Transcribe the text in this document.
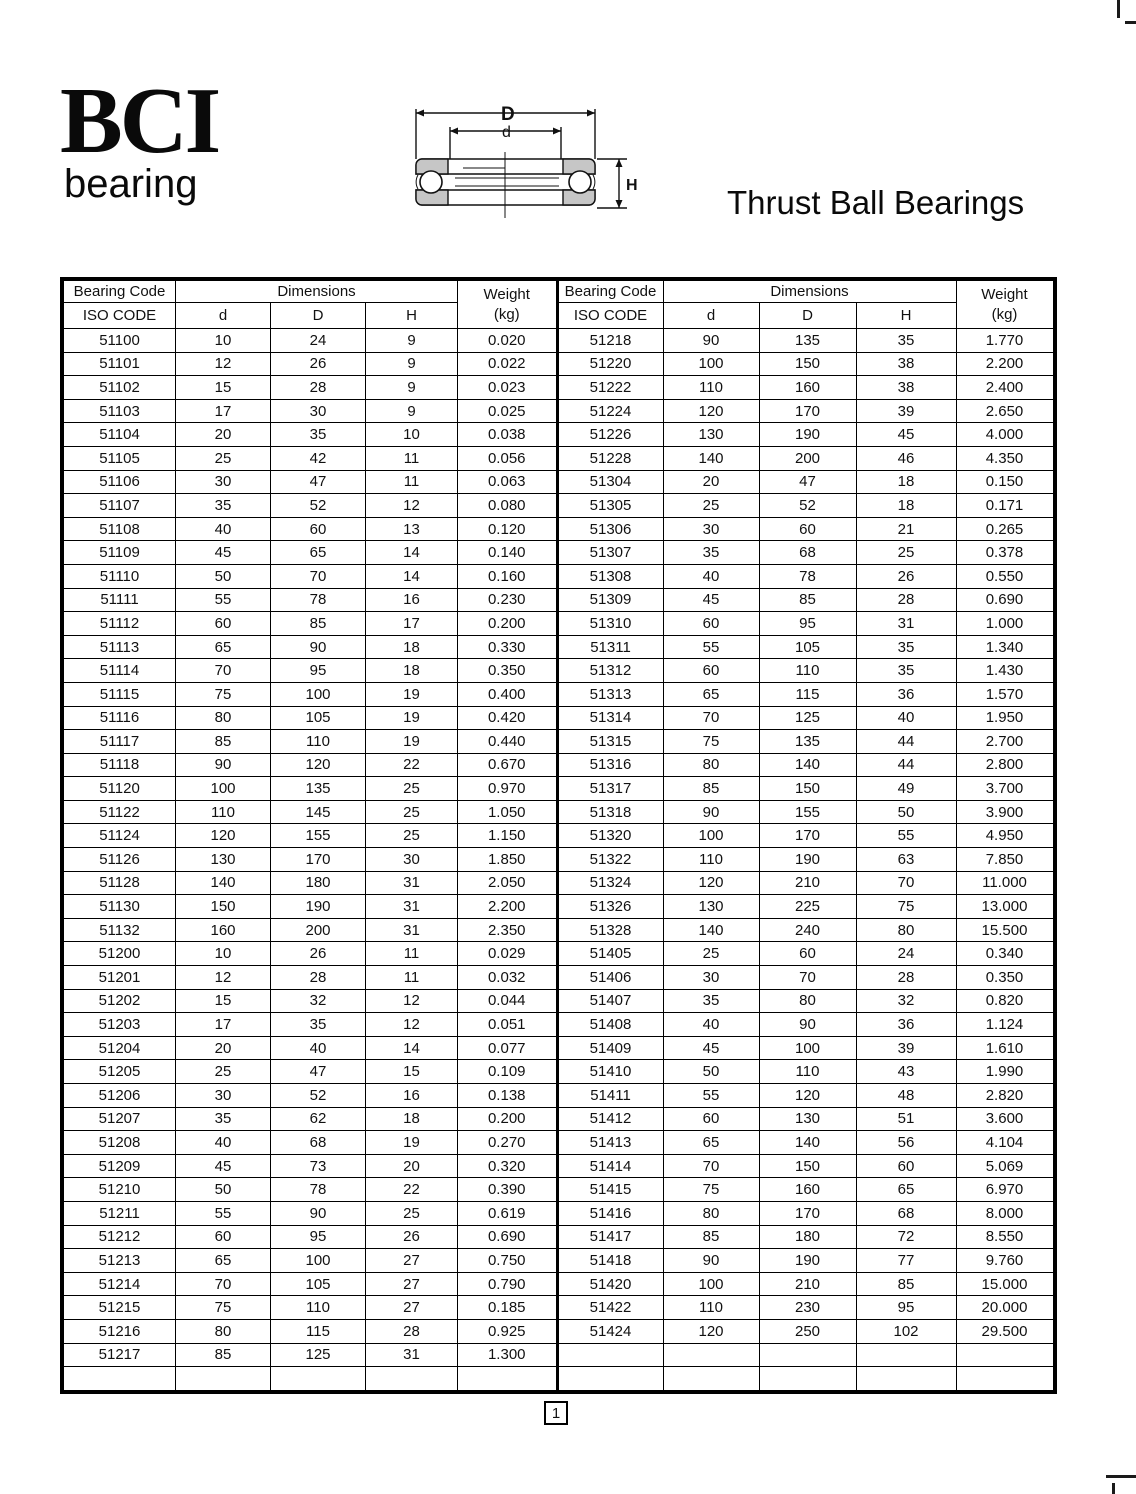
BCI
bearing
D
d
H	Thrust Ball Bearings
Bearing Code	Dimensions			Weight
(kg)

ISO CODE	d	D	H	
51100	10	24	9	0.020
51101	12	26	9	0.022
51102	15	28	9	0.023
51103	17	30	9	0.025
51104	20	35	10	0.038
51105	25	42	11	0.056
51106	30	47	11	0.063
51107	35	52	12	0.080
51108	40	60	13	0.120
51109	45	65	14	0.140
51110	50	70	14	0.160
51111	55	78	16	0.230
51112	60	85	17	0.200
51113	65	90	18	0.330
51114	70	95	18	0.350
51115	75	100	19	0.400
51116	80	105	19	0.420
51117	85	110	19	0.440
51118	90	120	22	0.670
51120	100	135	25	0.970
51122	110	145	25	1.050
51124	120	155	25	1.150
51126	130	170	30	1.850
51128	140	180	31	2.050
51130	150	190	31	2.200
51132	160	200	31	2.350
51200	10	26	11	0.029
51201	12	28	11	0.032
51202	15	32	12	0.044
51203	17	35	12	0.051
51204	20	40	14	0.077
51205	25	47	15	0.109
51206	30	52	16	0.138
51207	35	62	18	0.200
51208	40	68	19	0.270
51209	45	73	20	0.320
51210	50	78	22	0.390
51211	55	90	25	0.619
51212	60	95	26	0.690
51213	65	100	27	0.750
51214	70	105	27	0.790
51215	75	110	27	0.185
51216	80	115	28	0.925
51217	85	125	31	1.300

Bearing Code	Dimensions			Weight
(kg)

ISO CODE	d	D	H	
51218	90	135	35	1.770
51220	100	150	38	2.200
51222	110	160	38	2.400
51224	120	170	39	2.650
51226	130	190	45	4.000
51228	140	200	46	4.350
51304	20	47	18	0.150
51305	25	52	18	0.171
51306	30	60	21	0.265
51307	35	68	25	0.378
51308	40	78	26	0.550
51309	45	85	28	0.690
51310	60	95	31	1.000
51311	55	105	35	1.340
51312	60	110	35	1.430
51313	65	115	36	1.570
51314	70	125	40	1.950
51315	75	135	44	2.700
51316	80	140	44	2.800
51317	85	150	49	3.700
51318	90	155	50	3.900
51320	100	170	55	4.950
51322	110	190	63	7.850
51324	120	210	70	11.000
51326	130	225	75	13.000
51328	140	240	80	15.500
51405	25	60	24	0.340
51406	30	70	28	0.350
51407	35	80	32	0.820
51408	40	90	36	1.124
51409	45	100	39	1.610
51410	50	110	43	1.990
51411	55	120	48	2.820
51412	60	130	51	3.600
51413	65	140	56	4.104
51414	70	150	60	5.069
51415	75	160	65	6.970
51416	80	170	68	8.000
51417	85	180	72	8.550
51418	90	190	77	9.760
51420	100	210	85	15.000
51422	110	230	95	20.000
51424	120	250	102	29.500

1
